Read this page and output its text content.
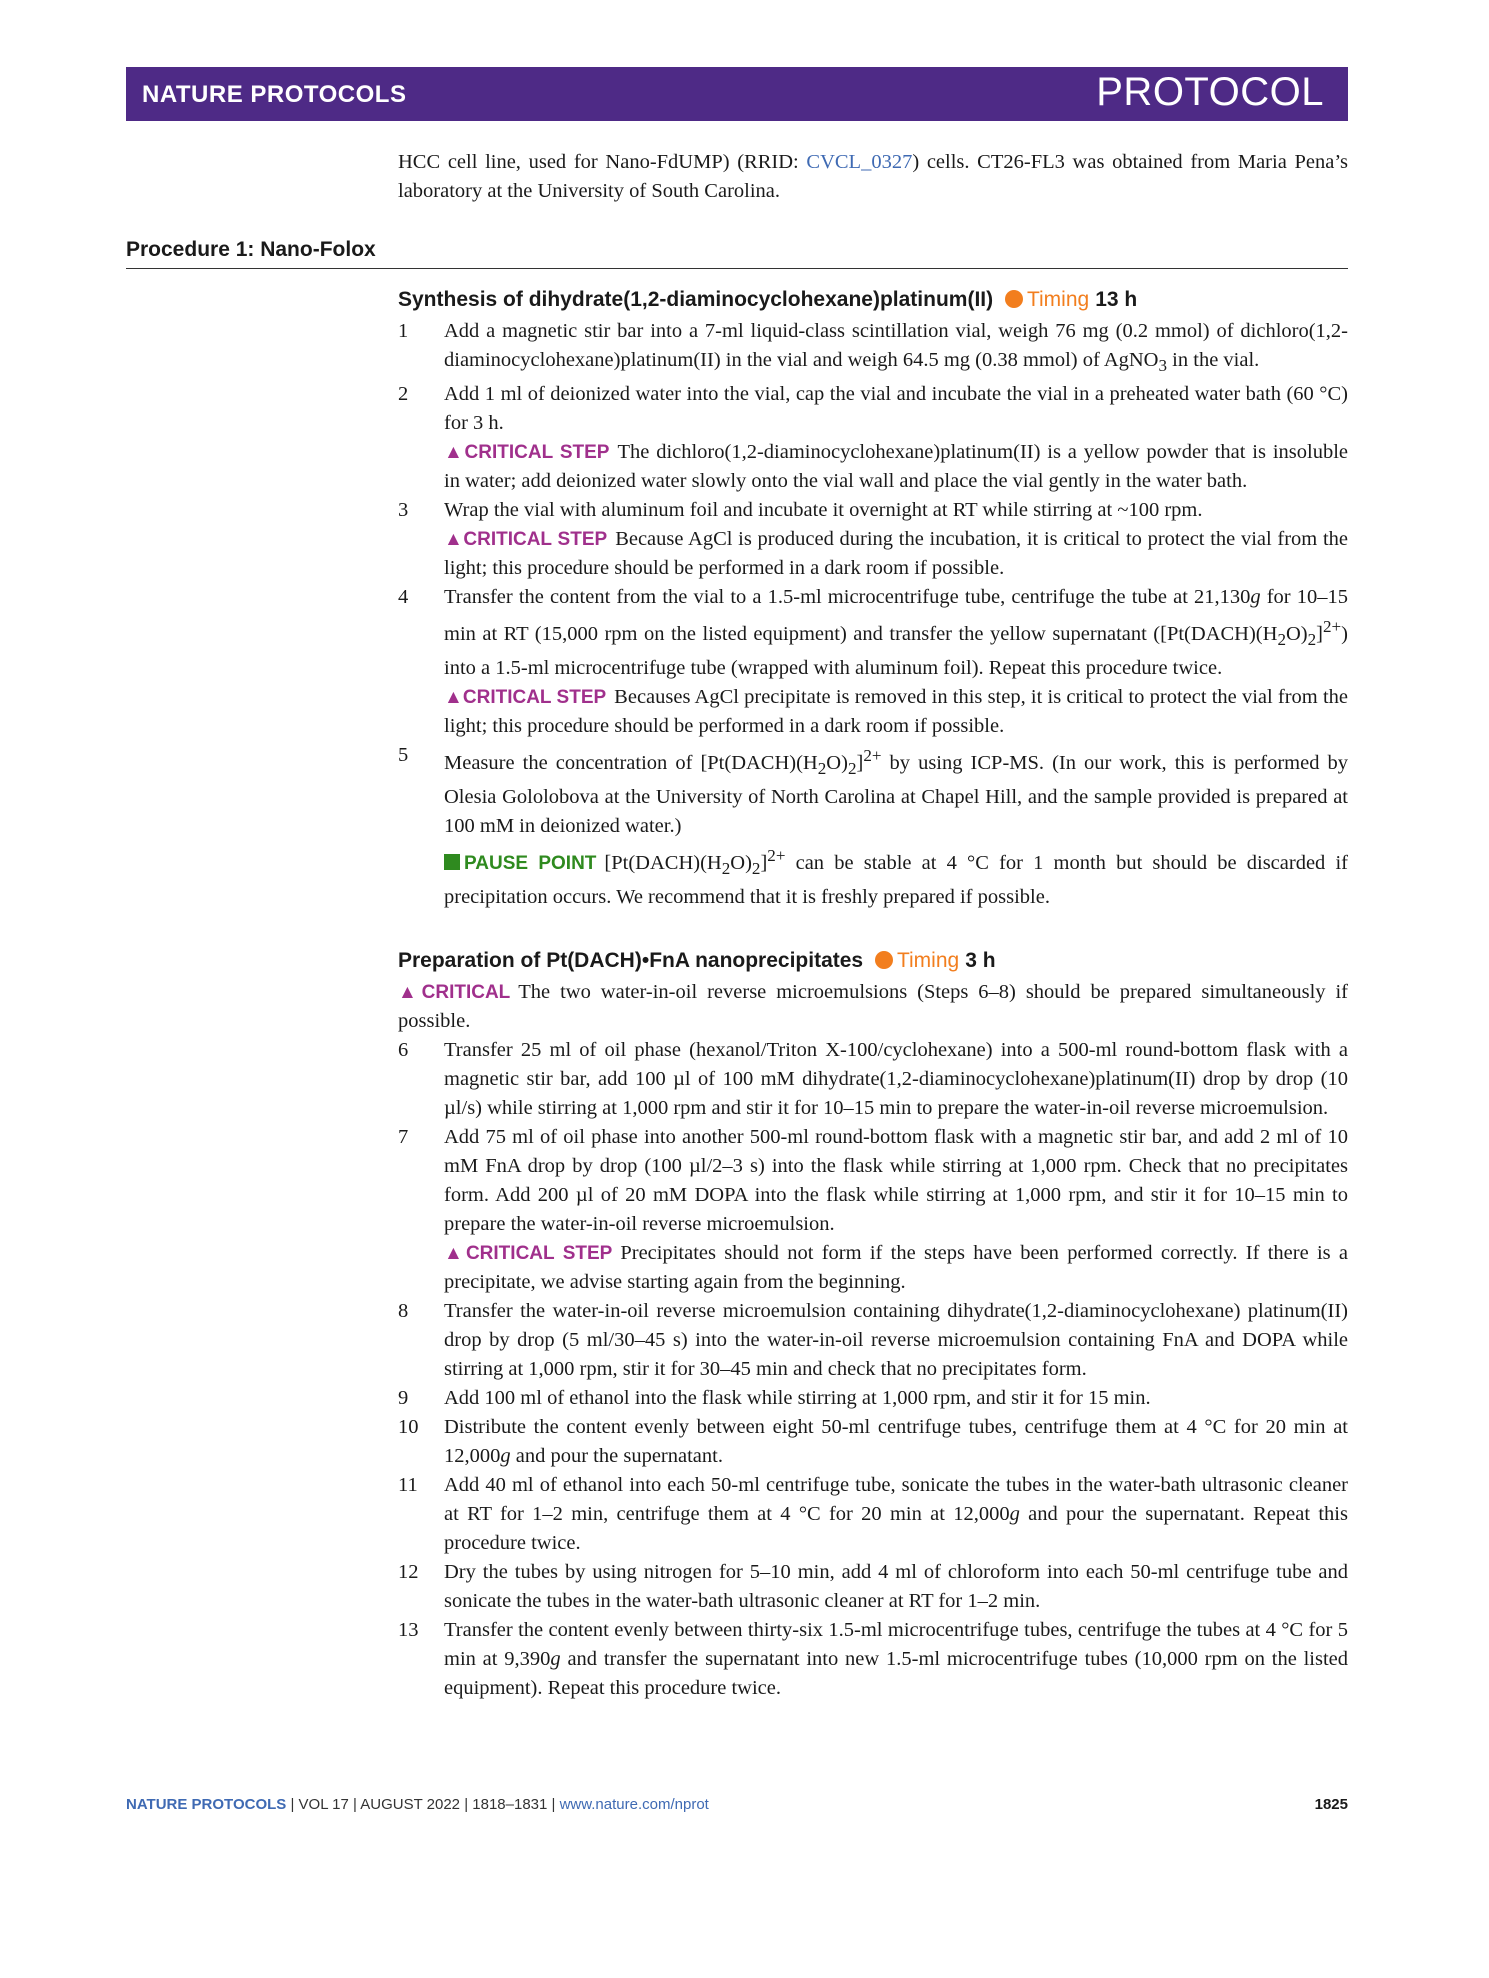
NATURE PROTOCOLS	PROTOCOL

HCC cell line, used for Nano-FdUMP) (RRID: CVCL_0327) cells. CT26-FL3 was obtained from Maria Pena’s laboratory at the University of South Carolina.

Procedure 1: Nano-Folox
Synthesis of dihydrate(1,2-diaminocyclohexane)platinum(II) Timing 13 h
1 Add a magnetic stir bar into a 7-ml liquid-class scintillation vial, weigh 76 mg (0.2 mmol) of dichloro(1,2-diaminocyclohexane)platinum(II) in the vial and weigh 64.5 mg (0.38 mmol) of AgNO$_3$ in the vial.

2 Add 1 ml of deionized water into the vial, cap the vial and incubate the vial in a preheated water bath (60 °C) for 3 h.

▲CRITICAL STEP The dichloro(1,2-diaminocyclohexane)platinum(II) is a yellow powder that is insoluble in water; add deionized water slowly onto the vial wall and place the vial gently in the water bath.

3 Wrap the vial with aluminum foil and incubate it overnight at RT while stirring at ~100 rpm.

▲CRITICAL STEP Because AgCl is produced during the incubation, it is critical to protect the vial from the light; this procedure should be performed in a dark room if possible.

4 Transfer the content from the vial to a 1.5-ml microcentrifuge tube, centrifuge the tube at 21,130g for 10–15 min at RT (15,000 rpm on the listed equipment) and transfer the yellow supernatant $([Pt(DACH)(H_2O)_2]^{2+})$ into a 1.5-ml microcentrifuge tube (wrapped with aluminum foil). Repeat this procedure twice.

▲CRITICAL STEP Becauses AgCl precipitate is removed in this step, it is critical to protect the vial from the light; this procedure should be performed in a dark room if possible.

5 Measure the concentration of $[Pt(DACH)(H_2O)_2]^{2+}$ by using ICP-MS. (In our work, this is performed by Olesia Gololobova at the University of North Carolina at Chapel Hill, and the sample provided is prepared at 100 mM in deionized water.)

PAUSE POINT $[Pt(DACH)(H_2O)_2]^{2+}$ can be stable at 4 °C for 1 month but should be discarded if precipitation occurs. We recommend that it is freshly prepared if possible.

Preparation of Pt(DACH)•FnA nanoprecipitates Timing 3 h

▲CRITICAL The two water-in-oil reverse microemulsions (Steps 6–8) should be prepared simultaneously if possible.

6 Transfer 25 ml of oil phase (hexanol/Triton X-100/cyclohexane) into a 500-ml round-bottom flask with a magnetic stir bar, add 100 µl of 100 mM dihydrate(1,2-diaminocyclohexane)platinum(II) drop by drop (10 µl/s) while stirring at 1,000 rpm and stir it for 10–15 min to prepare the water-in-oil reverse microemulsion.

7 Add 75 ml of oil phase into another 500-ml round-bottom flask with a magnetic stir bar, and add 2 ml of 10 mM FnA drop by drop (100 µl/2–3 s) into the flask while stirring at 1,000 rpm. Check that no precipitates form. Add 200 µl of 20 mM DOPA into the flask while stirring at 1,000 rpm, and stir it for 10–15 min to prepare the water-in-oil reverse microemulsion.

▲CRITICAL STEP Precipitates should not form if the steps have been performed correctly. If there is a precipitate, we advise starting again from the beginning.

8 Transfer the water-in-oil reverse microemulsion containing dihydrate(1,2-diaminocyclohexane) platinum(II) drop by drop (5 ml/30–45 s) into the water-in-oil reverse microemulsion containing FnA and DOPA while stirring at 1,000 rpm, stir it for 30–45 min and check that no precipitates form.

9 Add 100 ml of ethanol into the flask while stirring at 1,000 rpm, and stir it for 15 min.

10 Distribute the content evenly between eight 50-ml centrifuge tubes, centrifuge them at 4 °C for 20 min at 12,000g and pour the supernatant.

11 Add 40 ml of ethanol into each 50-ml centrifuge tube, sonicate the tubes in the water-bath ultrasonic cleaner at RT for 1–2 min, centrifuge them at 4 °C for 20 min at 12,000g and pour the supernatant. Repeat this procedure twice.

12 Dry the tubes by using nitrogen for 5–10 min, add 4 ml of chloroform into each 50-ml centrifuge tube and sonicate the tubes in the water-bath ultrasonic cleaner at RT for 1–2 min.

13 Transfer the content evenly between thirty-six 1.5-ml microcentrifuge tubes, centrifuge the tubes at 4 °C for 5 min at 9,390g and transfer the supernatant into new 1.5-ml microcentrifuge tubes (10,000 rpm on the listed equipment). Repeat this procedure twice.

NATURE PROTOCOLS | VOL 17 | AUGUST 2022 | 1818–1831 | www.nature.com/nprot	1825
